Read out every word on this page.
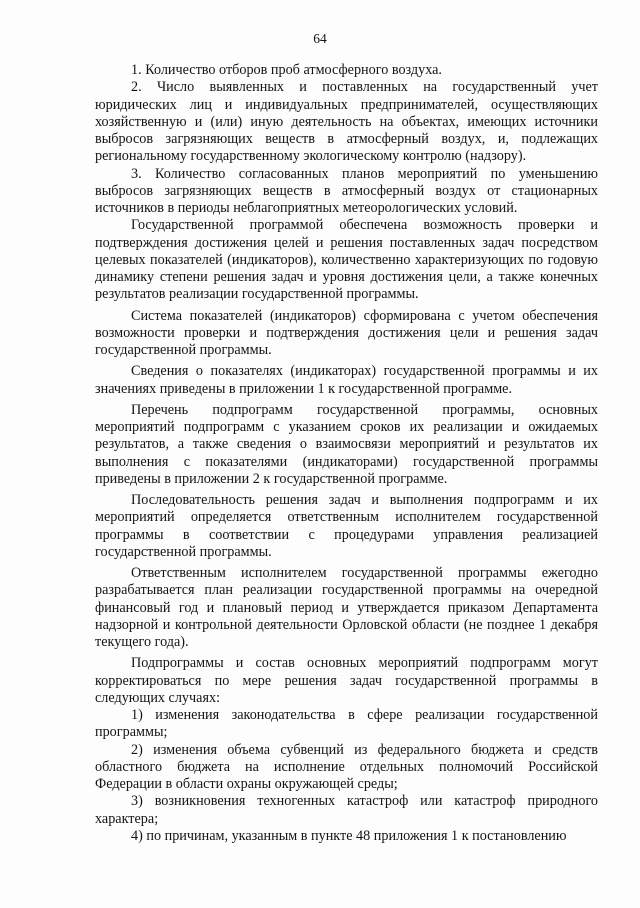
64

1. Количество отборов проб атмосферного воздуха.

2. Число выявленных и поставленных на государственный учет юридических лиц и индивидуальных предпринимателей, осуществляющих хозяйственную и (или) иную деятельность на объектах, имеющих источники выбросов загрязняющих веществ в атмосферный воздух, и, подлежащих региональному государственному экологическому контролю (надзору).

3. Количество согласованных планов мероприятий по уменьшению выбросов загрязняющих веществ в атмосферный воздух от стационарных источников в периоды неблагоприятных метеорологических условий.

Государственной программой обеспечена возможность проверки и подтверждения достижения целей и решения поставленных задач посредством целевых показателей (индикаторов), количественно характеризующих по годовую динамику степени решения задач и уровня достижения цели, а также конечных результатов реализации государственной программы.

Система показателей (индикаторов) сформирована с учетом обеспечения возможности проверки и подтверждения достижения цели и решения задач государственной программы.

Сведения о показателях (индикаторах) государственной программы и их значениях приведены в приложении 1 к государственной программе.

Перечень подпрограмм государственной программы, основных мероприятий подпрограмм с указанием сроков их реализации и ожидаемых результатов, а также сведения о взаимосвязи мероприятий и результатов их выполнения с показателями (индикаторами) государственной программы приведены в приложении 2 к государственной программе.

Последовательность решения задач и выполнения подпрограмм и их мероприятий определяется ответственным исполнителем государственной программы в соответствии с процедурами управления реализацией государственной программы.

Ответственным исполнителем государственной программы ежегодно разрабатывается план реализации государственной программы на очередной финансовый год и плановый период и утверждается приказом Департамента надзорной и контрольной деятельности Орловской области (не позднее 1 декабря текущего года).

Подпрограммы и состав основных мероприятий подпрограмм могут корректироваться по мере решения задач государственной программы в следующих случаях:

1) изменения законодательства в сфере реализации государственной программы;

2) изменения объема субвенций из федерального бюджета и средств областного бюджета на исполнение отдельных полномочий Российской Федерации в области охраны окружающей среды;

3) возникновения техногенных катастроф или катастроф природного характера;

4) по причинам, указанным в пункте 48 приложения 1 к постановлению
